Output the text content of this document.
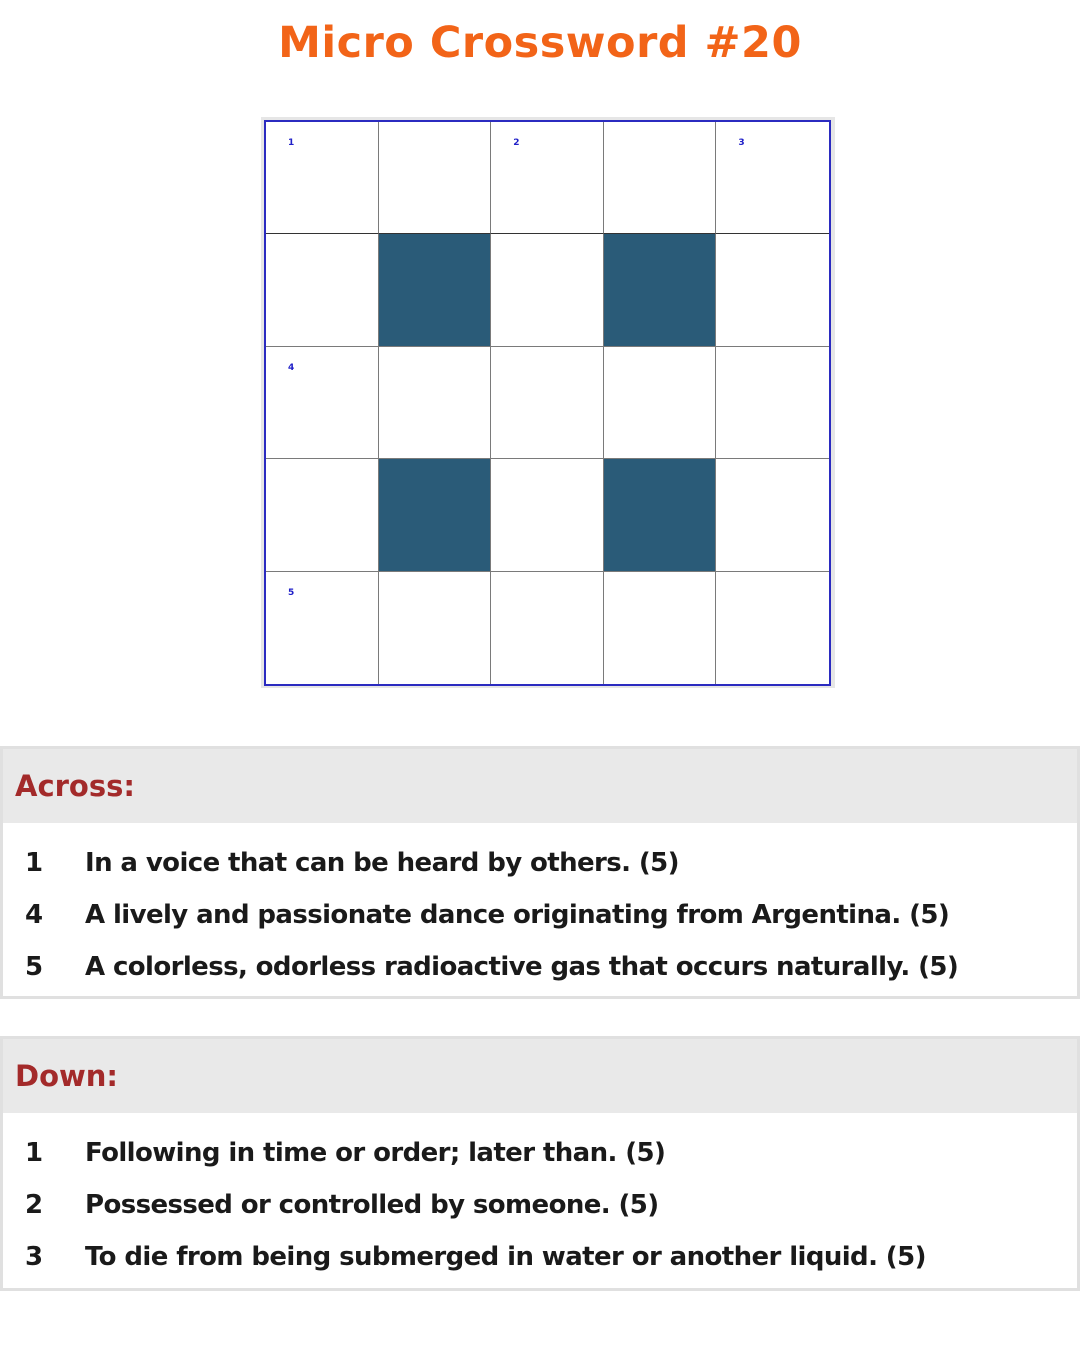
Micro Crossword #20
1	2	3
4
5
Across:
1	In a voice that can be heard by others. (5)
4	A lively and passionate dance originating from Argentina. (5)
5	A colorless, odorless radioactive gas that occurs naturally. (5)
Down:
1	Following in time or order; later than. (5)
2	Possessed or controlled by someone. (5)
3	To die from being submerged in water or another liquid. (5)
